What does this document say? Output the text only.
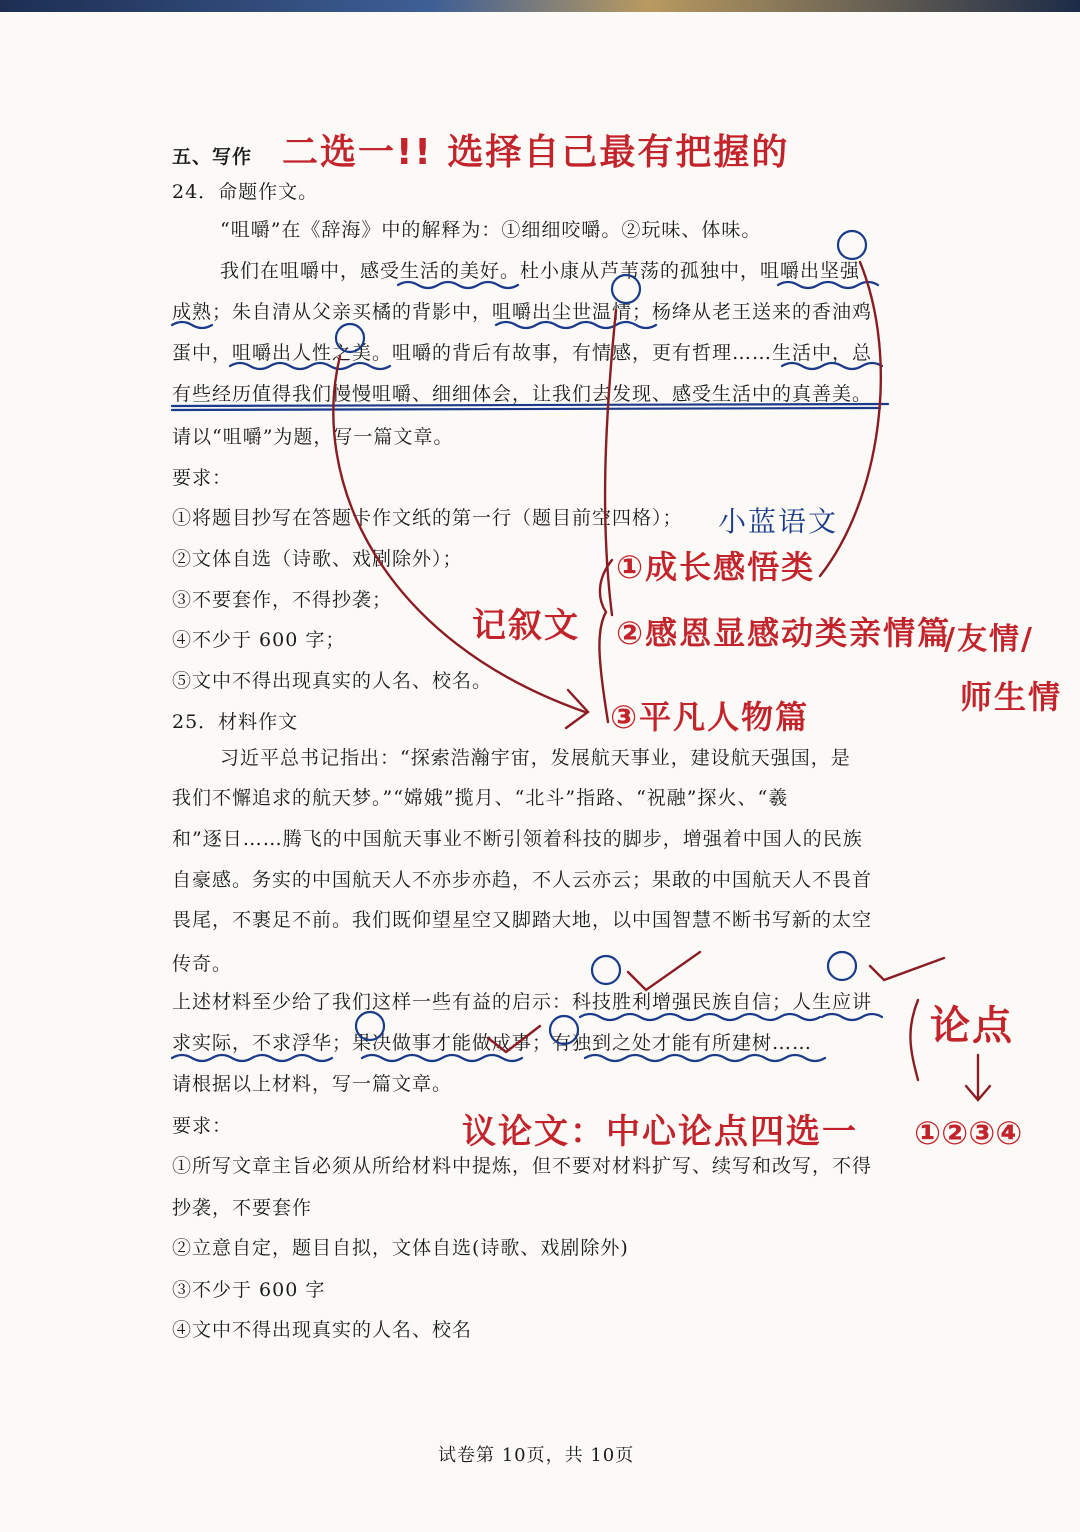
五、写作
24．命题作文。
“咀嚼”在《辞海》中的解释为：①细细咬嚼。②玩味、体味。
我们在咀嚼中，感受生活的美好。杜小康从芦苇荡的孤独中，咀嚼出坚强
成熟；朱自清从父亲买橘的背影中，咀嚼出尘世温情；杨绛从老王送来的香油鸡
蛋中，咀嚼出人性之美。咀嚼的背后有故事，有情感，更有哲理……生活中，总
有些经历值得我们慢慢咀嚼、细细体会，让我们去发现、感受生活中的真善美。
请以“咀嚼”为题，写一篇文章。
要求：
①将题目抄写在答题卡作文纸的第一行（题目前空四格）；
②文体自选（诗歌、戏剧除外）；
③不要套作，不得抄袭；
④不少于 600 字；
⑤文中不得出现真实的人名、校名。
25．材料作文
习近平总书记指出：“探索浩瀚宇宙，发展航天事业，建设航天强国，是
我们不懈追求的航天梦。”“嫦娥”揽月、“北斗”指路、“祝融”探火、“羲
和”逐日……腾飞的中国航天事业不断引领着科技的脚步，增强着中国人的民族
自豪感。务实的中国航天人不亦步亦趋，不人云亦云；果敢的中国航天人不畏首
畏尾，不裹足不前。我们既仰望星空又脚踏大地，以中国智慧不断书写新的太空
传奇。
上述材料至少给了我们这样一些有益的启示：科技胜利增强民族自信；人生应讲
求实际，不求浮华；果决做事才能做成事；有独到之处才能有所建树……
请根据以上材料，写一篇文章。
要求：
①所写文章主旨必须从所给材料中提炼，但不要对材料扩写、续写和改写，不得
抄袭，不要套作
②立意自定，题目自拟，文体自选(诗歌、戏剧除外)
③不少于 600 字
④文中不得出现真实的人名、校名
试卷第 10页，共 10页
二选一!! 选择自己最有把握的
小蓝语文
记叙文
①成长感悟类
②感恩显感动类亲情篇
/友情/
师生情
③平凡人物篇
论点
议论文：中心论点四选一 ①②③④
